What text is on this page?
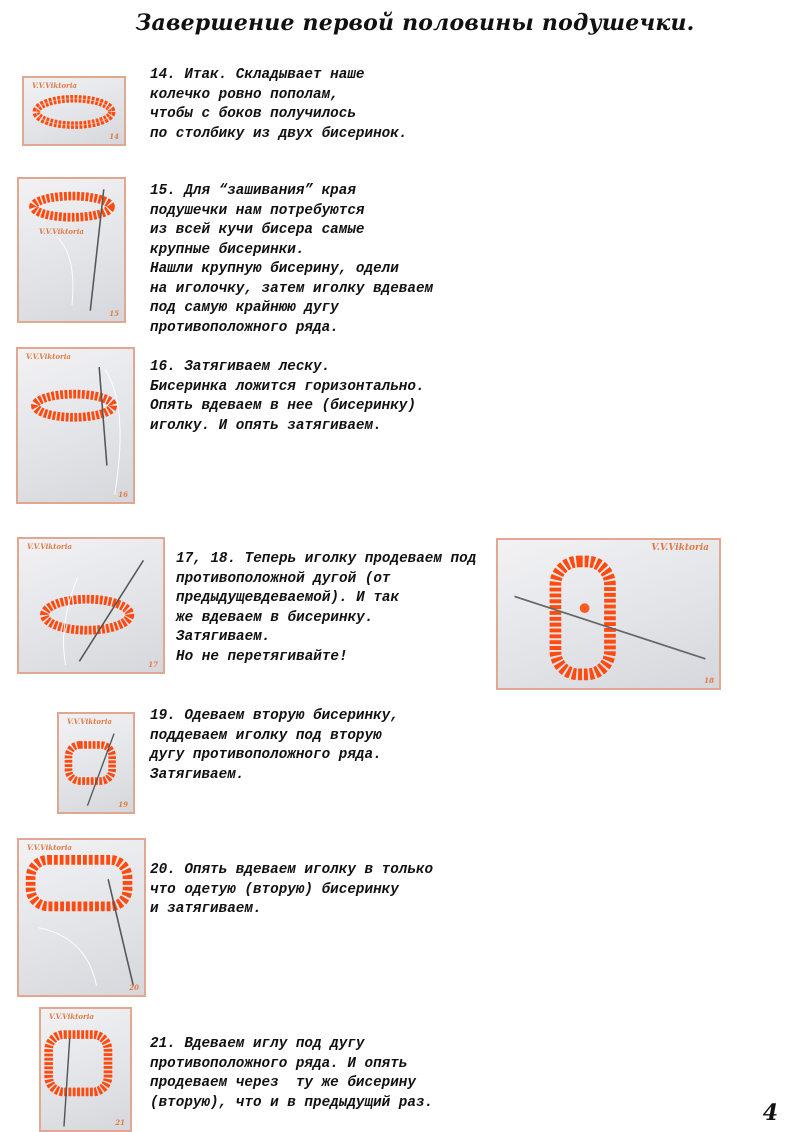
Завершение первой половины подушечки.
V.V.Viktoria
14
14. Итак. Складывает наше
колечко ровно пополам,
чтобы с боков получилось
по столбику из двух бисеринок.
V.V.Viktoria
15
15. Для “зашивания” края
подушечки нам потребуются
из всей кучи бисера самые
крупные бисеринки.
Нашли крупную бисерину, одели
на иголочку, затем иголку вдеваем
под самую крайнюю дугу
противоположного ряда.
V.V.Viktoria
16
16. Затягиваем леску.
Бисеринка ложится горизонтально.
Опять вдеваем в нее (бисеринку)
иголку. И опять затягиваем.
V.V.Viktoria
17
17, 18. Теперь иголку продеваем под
противоположной дугой (от
предыдущевдеваемой). И так
же вдеваем в бисеринку.
Затягиваем.
Но не перетягивайте!
V.V.Viktoria
18
V.V.Viktoria
19
19. Одеваем вторую бисеринку,
поддеваем иголку под вторую
дугу противоположного ряда.
Затягиваем.
V.V.Viktoria
20
20. Опять вдеваем иголку в только
что одетую (вторую) бисеринку
и затягиваем.
V.V.Viktoria
21
21. Вдеваем иглу под дугу
противоположного ряда. И опять
продеваем через  ту же бисерину
(вторую), что и в предыдущий раз.	4
